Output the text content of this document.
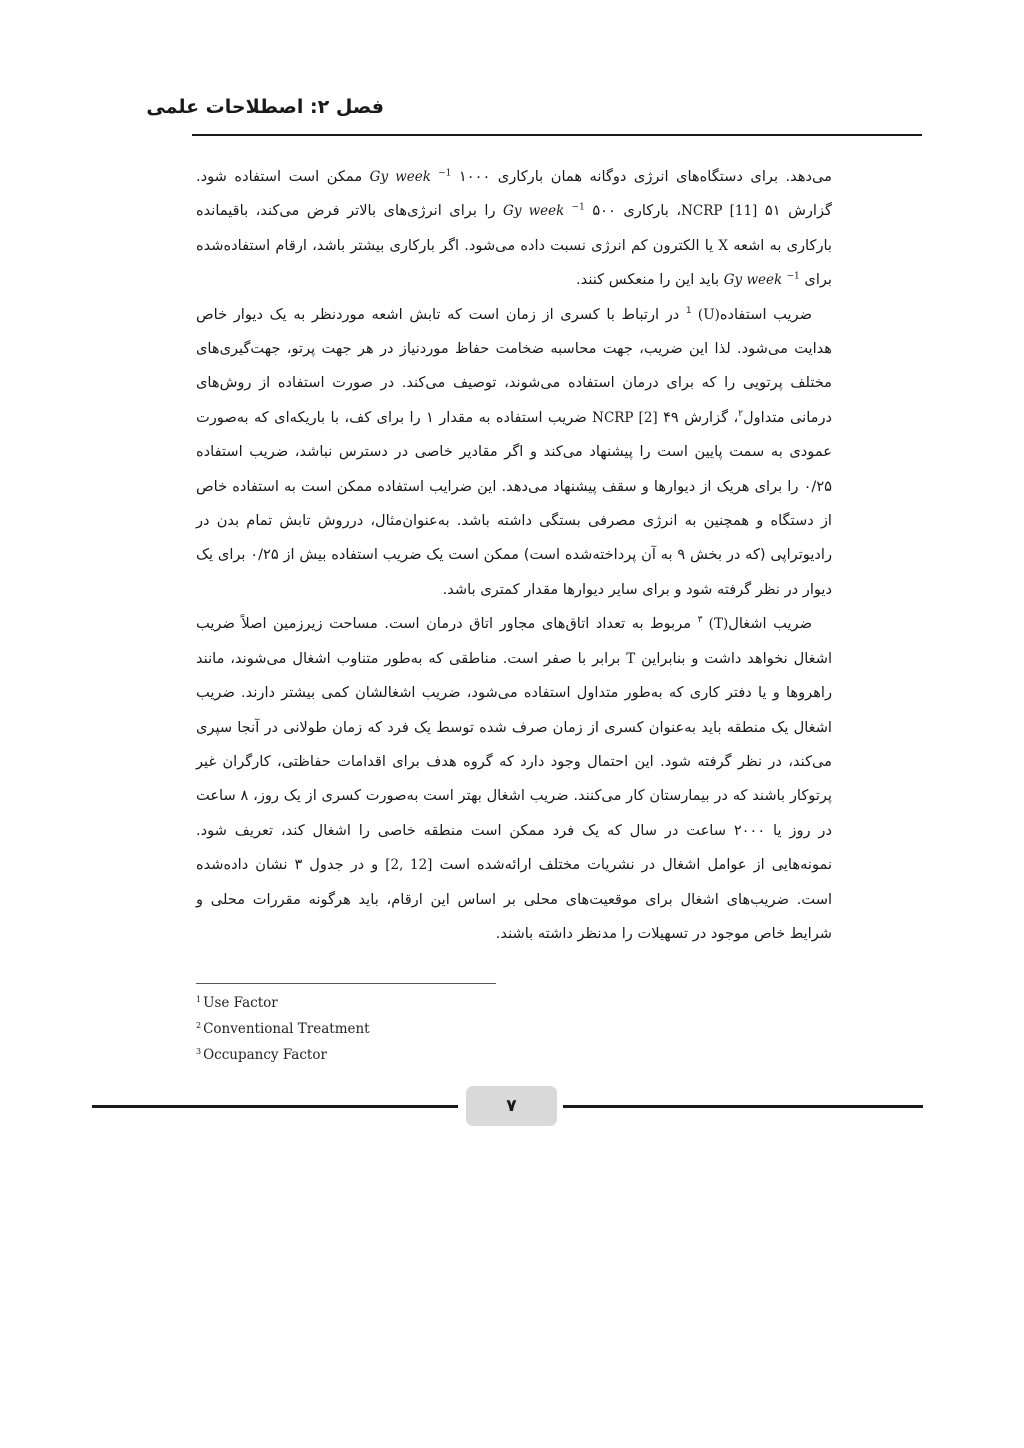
فصل ۲: اصطلاحات علمی

می‌دهد. برای دستگاه‌های انرژی دوگانه همان بارکاری Gy week $^{-1}$ ۱۰۰۰ ممکن است استفاده شود. گزارش ۵۱ NCRP [11]، بارکاری Gy week $^{-1}$ ۵۰۰ را برای انرژی‌های بالاتر فرض می‌کند، باقیمانده بارکاری به اشعه X یا الکترون کم انرژی نسبت داده می‌شود. اگر بارکاری بیشتر باشد، ارقام استفاده‌شده برای Gy week $^{-1}$ باید این را منعکس کنند.

ضریب استفاده$^1$ (U) در ارتباط با کسری از زمان است که تابش اشعه موردنظر به یک دیوار خاص هدایت می‌شود. لذا این ضریب، جهت محاسبه ضخامت حفاظ موردنیاز در هر جهت پرتو، جهت‌گیری‌های مختلف پرتویی را که برای درمان استفاده می‌شوند، توصیف می‌کند. در صورت استفاده از روش‌های درمانی متداول$^۲$، گزارش ۴۹ NCRP [2] ضریب استفاده به مقدار ۱ را برای کف، با باریکه‌ای که به‌صورت عمودی به سمت پایین است را پیشنهاد می‌کند و اگر مقادیر خاصی در دسترس نباشد، ضریب استفاده ۰/۲۵ را برای هریک از دیوارها و سقف پیشنهاد می‌دهد. این ضرایب استفاده ممکن است به استفاده خاص از دستگاه و همچنین به انرژی مصرفی بستگی داشته باشد. به‌عنوان‌مثال، درروش تابش تمام بدن در رادیوتراپی (که در بخش ۹ به آن پرداخته‌شده است) ممکن است یک ضریب استفاده بیش از ۰/۲۵ برای یک دیوار در نظر گرفته شود و برای سایر دیوارها مقدار کمتری باشد.

ضریب اشغال$^۳$ (T) مربوط به تعداد اتاق‌های مجاور اتاق درمان است. مساحت زیرزمین اصلاً ضریب اشغال نخواهد داشت و بنابراین T برابر با صفر است. مناطقی که به‌طور متناوب اشغال می‌شوند، مانند راهروها و یا دفتر کاری که به‌طور متداول استفاده می‌شود، ضریب اشغالشان کمی بیشتر دارند. ضریب اشغال یک منطقه باید به‌عنوان کسری از زمان صرف شده توسط یک فرد که زمان طولانی در آنجا سپری می‌کند، در نظر گرفته شود. این احتمال وجود دارد که گروه هدف برای اقدامات حفاظتی، کارگران غیر پرتوکار باشند که در بیمارستان کار می‌کنند. ضریب اشغال بهتر است به‌صورت کسری از یک روز، ۸ ساعت در روز یا ۲۰۰۰ ساعت در سال که یک فرد ممکن است منطقه خاصی را اشغال کند، تعریف شود. نمونه‌هایی از عوامل اشغال در نشریات مختلف ارائه‌شده است [2, 12] و در جدول ۳ نشان داده‌شده است. ضریب‌های اشغال برای موقعیت‌های محلی بر اساس این ارقام، باید هرگونه مقررات محلی و شرایط خاص موجود در تسهیلات را مدنظر داشته باشند.

$^1$ Use Factor
$^2$ Conventional Treatment
$^3$ Occupancy Factor
۷
